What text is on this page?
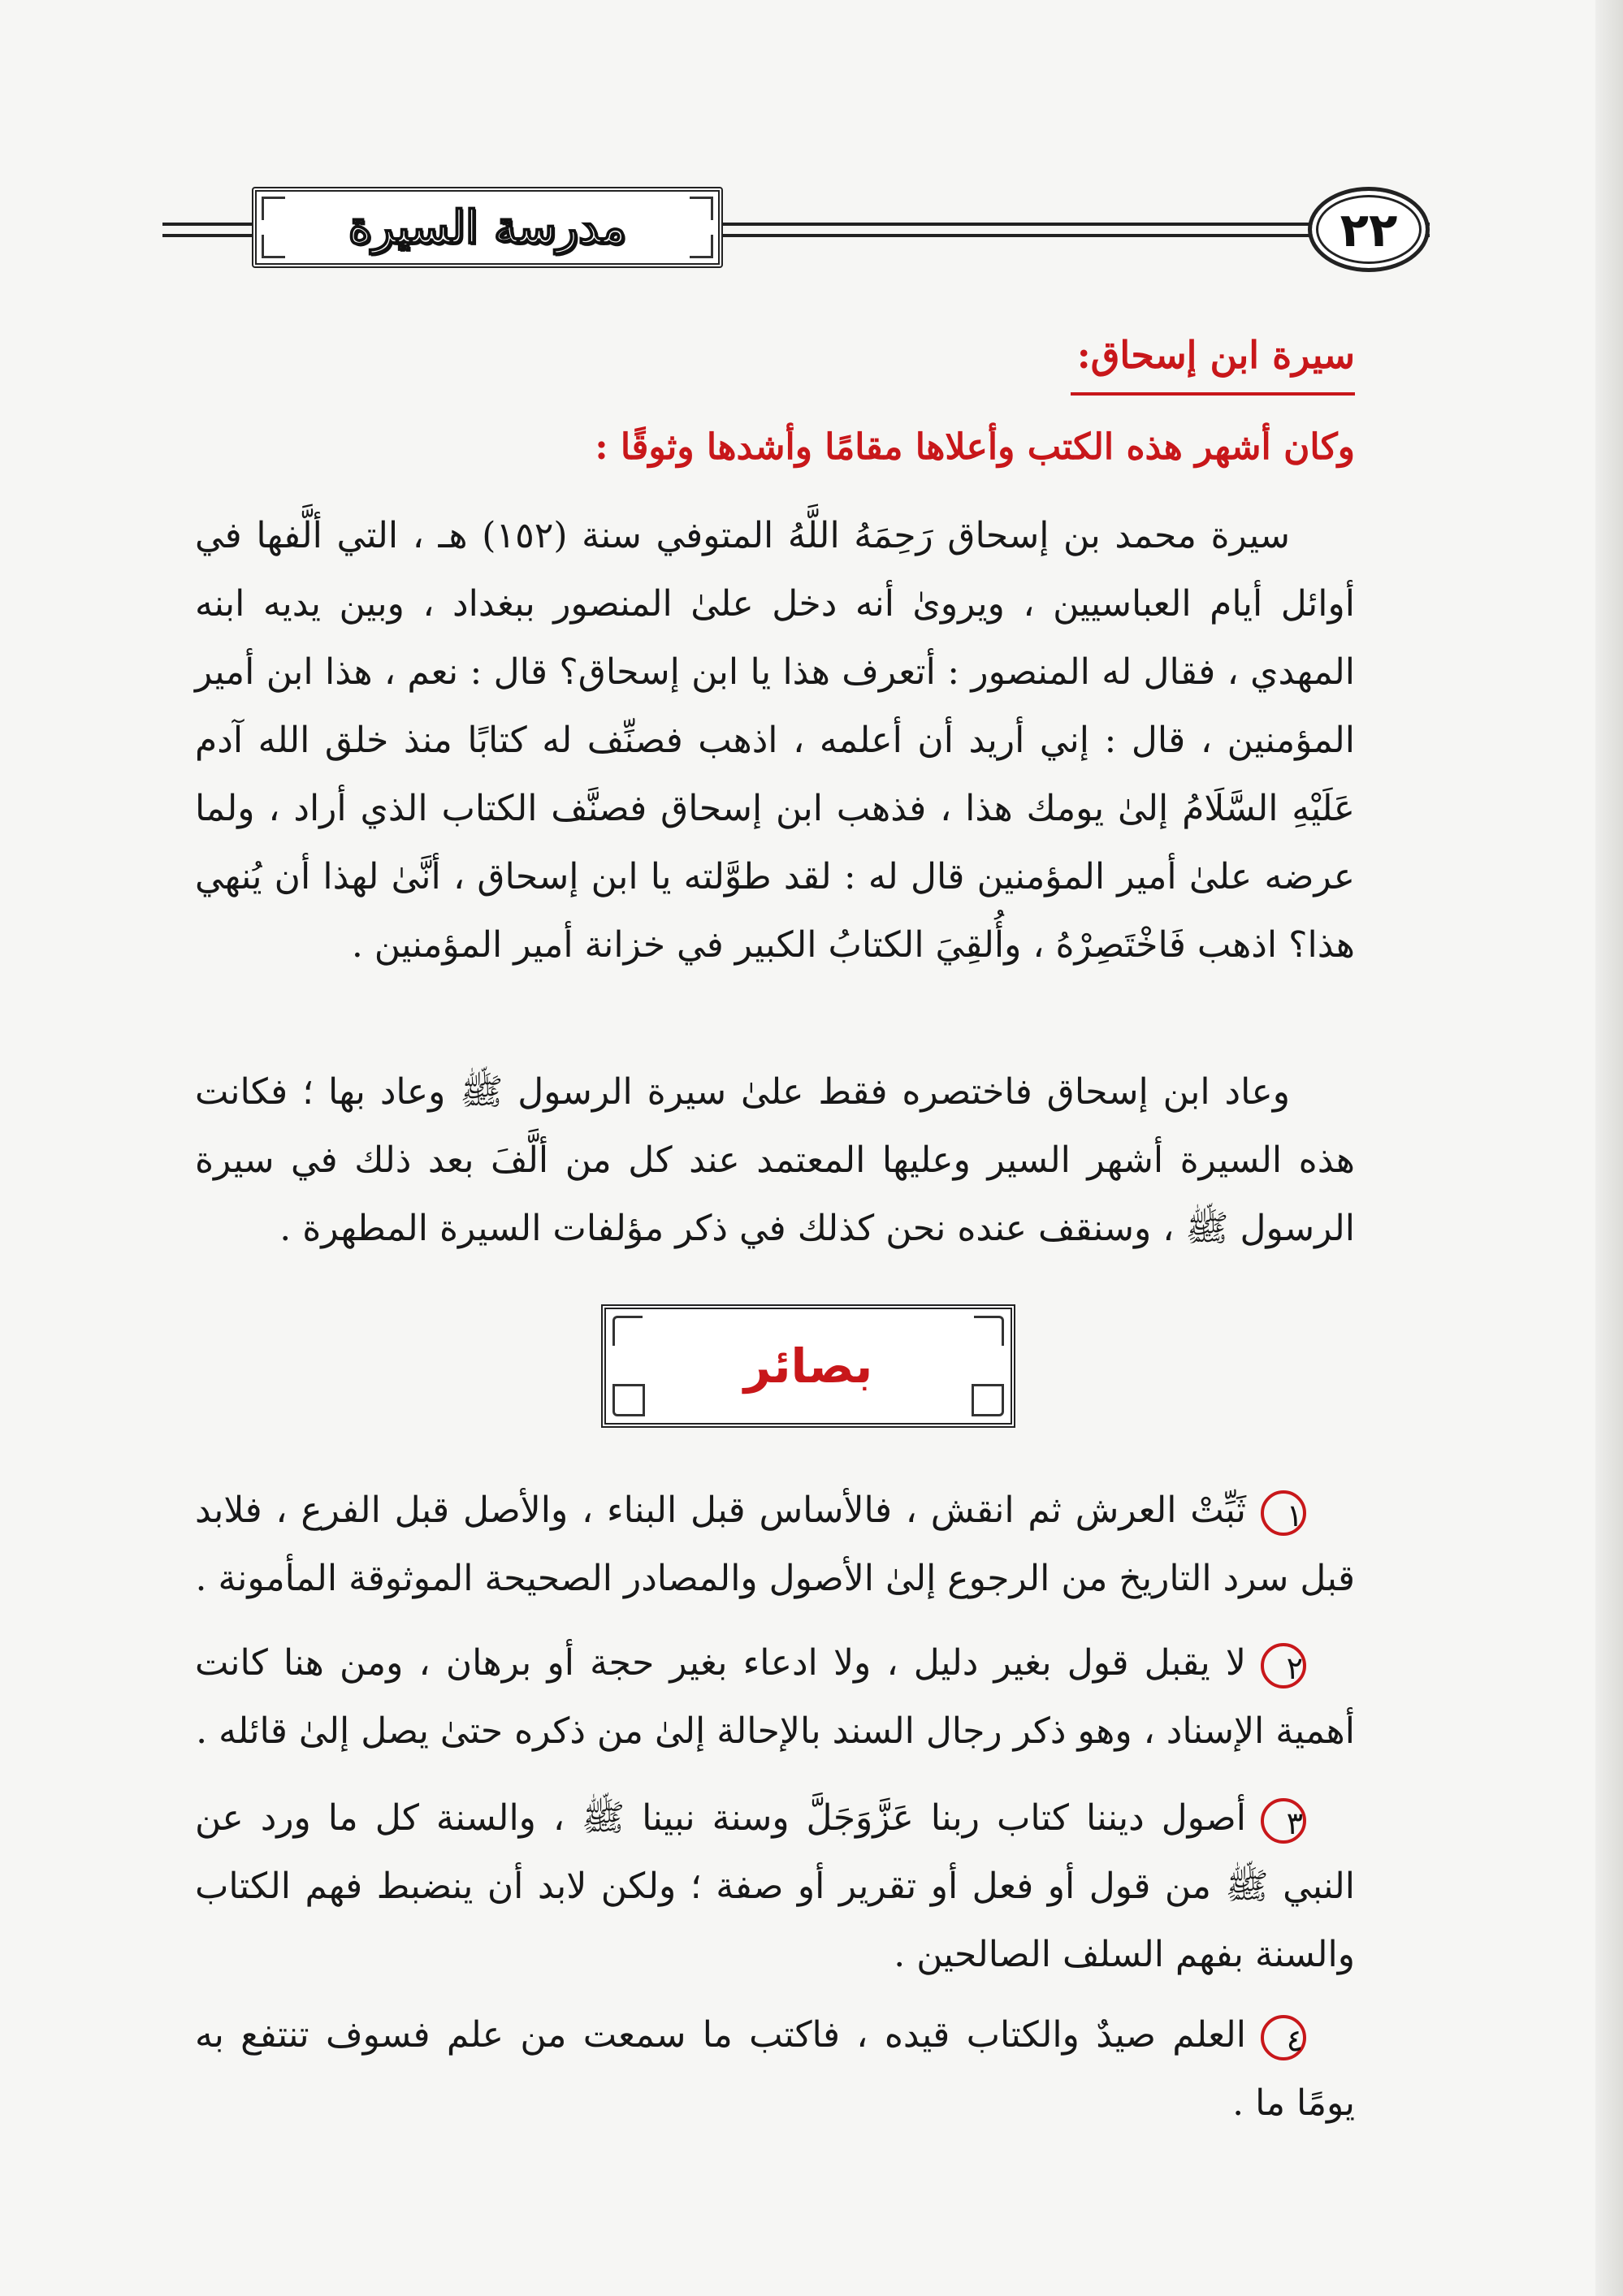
مدرسة السيرة	٢٢
سيرة ابن إسحاق:
وكان أشهر هذه الكتب وأعلاها مقامًا وأشدها وثوقًا :
سيرة محمد بن إسحاق رَحِمَهُ اللَّهُ المتوفي سنة (١٥٢) هـ ، التي ألَّفها في أوائل أيام العباسيين ، ويروىٰ أنه دخل علىٰ المنصور ببغداد ، وبين يديه ابنه المهدي ، فقال له المنصور : أتعرف هذا يا ابن إسحاق؟ قال : نعم ، هذا ابن أمير المؤمنين ، قال : إني أريد أن أعلمه ، اذهب فصنِّف له كتابًا منذ خلق الله آدم عَلَيْهِ السَّلَامُ إلىٰ يومك هذا ، فذهب ابن إسحاق فصنَّف الكتاب الذي أراد ، ولما عرضه علىٰ أمير المؤمنين قال له : لقد طوَّلته يا ابن إسحاق ، أنَّىٰ لهذا أن يُنهي هذا؟ اذهب فَاخْتَصِرْهُ ، وأُلقِيَ الكتابُ الكبير في خزانة أمير المؤمنين .
وعاد ابن إسحاق فاختصره فقط علىٰ سيرة الرسول ﷺ وعاد بها ؛ فكانت هذه السيرة أشهر السير وعليها المعتمد عند كل من ألَّفَ بعد ذلك في سيرة الرسول ﷺ ، وسنقف عنده نحن كذلك في ذكر مؤلفات السيرة المطهرة .
بصائر
١ثَبِّتْ العرش ثم انقش ، فالأساس قبل البناء ، والأصل قبل الفرع ، فلابد قبل سرد التاريخ من الرجوع إلىٰ الأصول والمصادر الصحيحة الموثوقة المأمونة .
٢لا يقبل قول بغير دليل ، ولا ادعاء بغير حجة أو برهان ، ومن هنا كانت أهمية الإسناد ، وهو ذكر رجال السند بالإحالة إلىٰ من ذكره حتىٰ يصل إلىٰ قائله .
٣أصول ديننا كتاب ربنا عَزَّوَجَلَّ وسنة نبينا ﷺ ، والسنة كل ما ورد عن النبي ﷺ من قول أو فعل أو تقرير أو صفة ؛ ولكن لابد أن ينضبط فهم الكتاب والسنة بفهم السلف الصالحين .
٤العلم صيدٌ والكتاب قيده ، فاكتب ما سمعت من علم فسوف تنتفع به يومًا ما .
